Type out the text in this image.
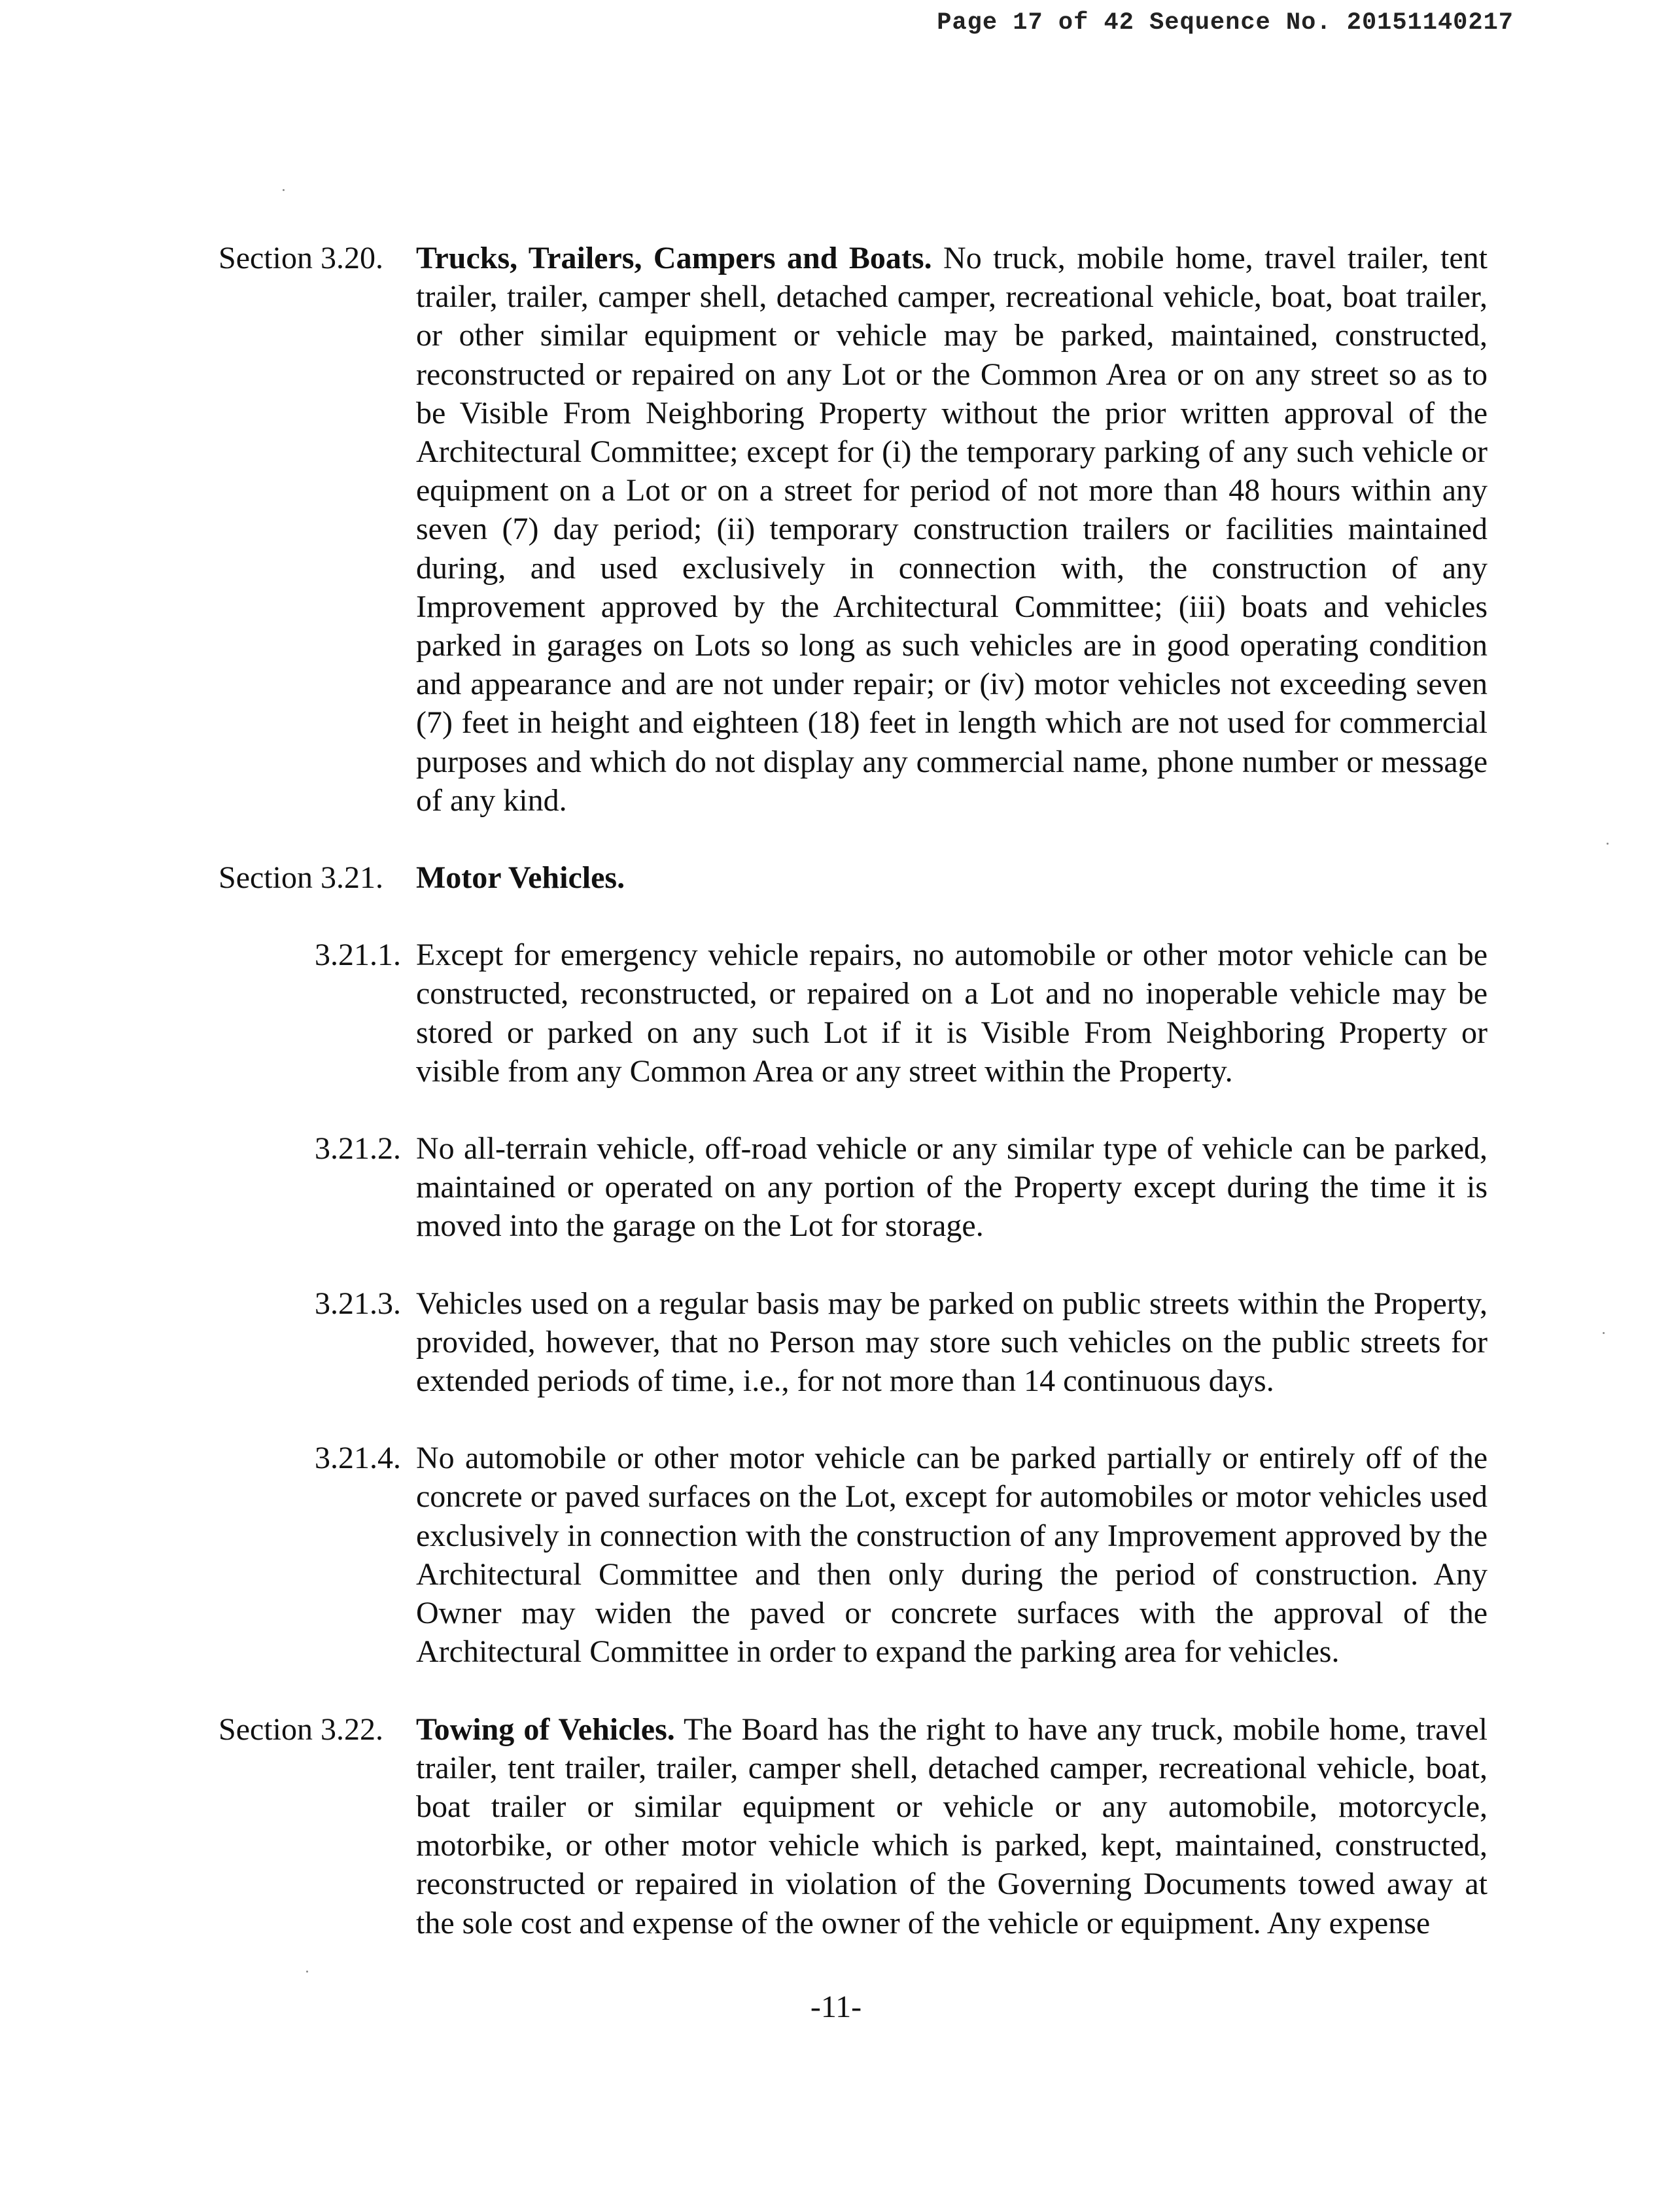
Page 17 of 42 Sequence No. 20151140217
Section 3.20.	Trucks, Trailers, Campers and Boats. No truck, mobile home, travel trailer, tent trailer, trailer, camper shell, detached camper, recreational vehicle, boat, boat trailer, or other similar equipment or vehicle may be parked, maintained, constructed, reconstructed or repaired on any Lot or the Common Area or on any street so as to be Visible From Neighboring Property without the prior written approval of the Architectural Committee; except for (i) the temporary parking of any such vehicle or equipment on a Lot or on a street for period of not more than 48 hours within any seven (7) day period; (ii) temporary construction trailers or facilities maintained during, and used exclusively in connection with, the construction of any Improvement approved by the Architectural Committee; (iii) boats and vehicles parked in garages on Lots so long as such vehicles are in good operating condition and appearance and are not under repair; or (iv) motor vehicles not exceeding seven (7) feet in height and eighteen (18) feet in length which are not used for commercial purposes and which do not display any commercial name, phone number or message of any kind.
Section 3.21.	Motor Vehicles.
3.21.1. Except for emergency vehicle repairs, no automobile or other motor vehicle can be constructed, reconstructed, or repaired on a Lot and no inoperable vehicle may be stored or parked on any such Lot if it is Visible From Neighboring Property or visible from any Common Area or any street within the Property.
3.21.2. No all-terrain vehicle, off-road vehicle or any similar type of vehicle can be parked, maintained or operated on any portion of the Property except during the time it is moved into the garage on the Lot for storage.
3.21.3. Vehicles used on a regular basis may be parked on public streets within the Property, provided, however, that no Person may store such vehicles on the public streets for extended periods of time, i.e., for not more than 14 continuous days.
3.21.4. No automobile or other motor vehicle can be parked partially or entirely off of the concrete or paved surfaces on the Lot, except for automobiles or motor vehicles used exclusively in connection with the construction of any Improvement approved by the Architectural Committee and then only during the period of construction. Any Owner may widen the paved or concrete surfaces with the approval of the Architectural Committee in order to expand the parking area for vehicles.
Section 3.22.	Towing of Vehicles. The Board has the right to have any truck, mobile home, travel trailer, tent trailer, trailer, camper shell, detached camper, recreational vehicle, boat, boat trailer or similar equipment or vehicle or any automobile, motorcycle, motorbike, or other motor vehicle which is parked, kept, maintained, constructed, reconstructed or repaired in violation of the Governing Documents towed away at the sole cost and expense of the owner of the vehicle or equipment. Any expense
-11-
